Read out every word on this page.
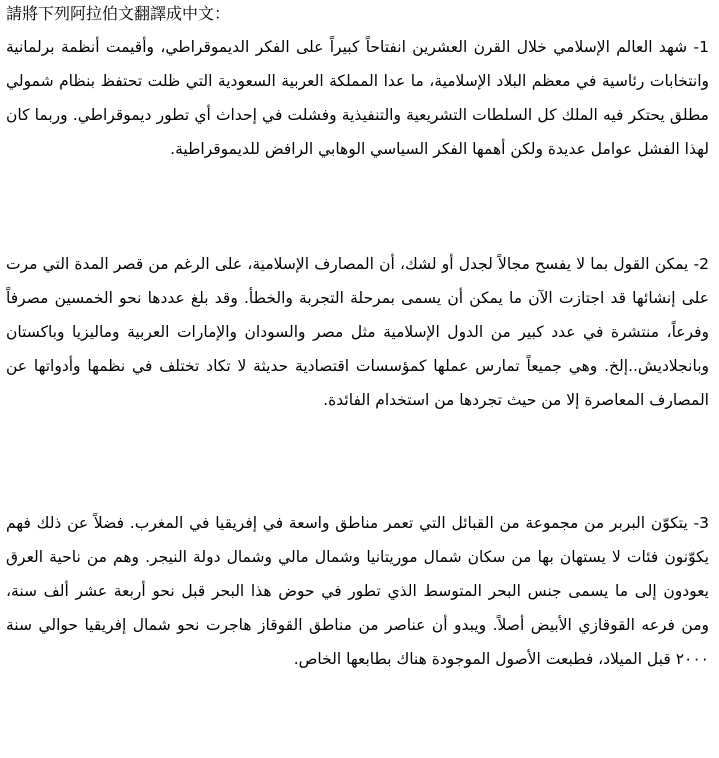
請將下列阿拉伯文翻譯成中文：

1- شهد العالم الإسلامي خلال القرن العشرين انفتاحاً كبيراً على الفكر الديموقراطي، وأقيمت أنظمة برلمانية وانتخابات رئاسية في معظم البلاد الإسلامية، ما عدا المملكة العربية السعودية التي ظلت تحتفظ بنظام شمولي مطلق يحتكر فيه الملك كل السلطات التشريعية والتنفيذية وفشلت في إحداث أي تطور ديموقراطي. وربما كان لهذا الفشل عوامل عديدة ولكن أهمها الفكر السياسي الوهابي الرافض للديموقراطية.

2- يمكن القول بما لا يفسح مجالاً لجدل أو لشك، أن المصارف الإسلامية، على الرغم من قصر المدة التي مرت على إنشائها قد اجتازت الآن ما يمكن أن يسمى بمرحلة التجربة والخطأ. وقد بلغ عددها نحو الخمسين مصرفاً وفرعاً، منتشرة في عدد كبير من الدول الإسلامية مثل مصر والسودان والإمارات العربية وماليزيا وباكستان وبانجلاديش..إلخ. وهي جميعاً تمارس عملها كمؤسسات اقتصادية حديثة لا تكاد تختلف في نظمها وأدواتها عن المصارف المعاصرة إلا من حيث تجردها من استخدام الفائدة.

3- يتكوّن البربر من مجموعة من القبائل التي تعمر مناطق واسعة في إفريقيا في المغرب. فضلاً عن ذلك فهم يكوّنون فئات لا يستهان بها من سكان شمال موريتانيا وشمال مالي وشمال دولة النيجر. وهم من ناحية العرق يعودون إلى ما يسمى جنس البحر المتوسط الذي تطور في حوض هذا البحر قبل نحو أربعة عشر ألف سنة، ومن فرعه القوقازي الأبيض أصلاً. ويبدو أن عناصر من مناطق القوقاز هاجرت نحو شمال إفريقيا حوالي سنة ٢٠٠٠ قبل الميلاد، فطبعت الأصول الموجودة هناك بطابعها الخاص.
